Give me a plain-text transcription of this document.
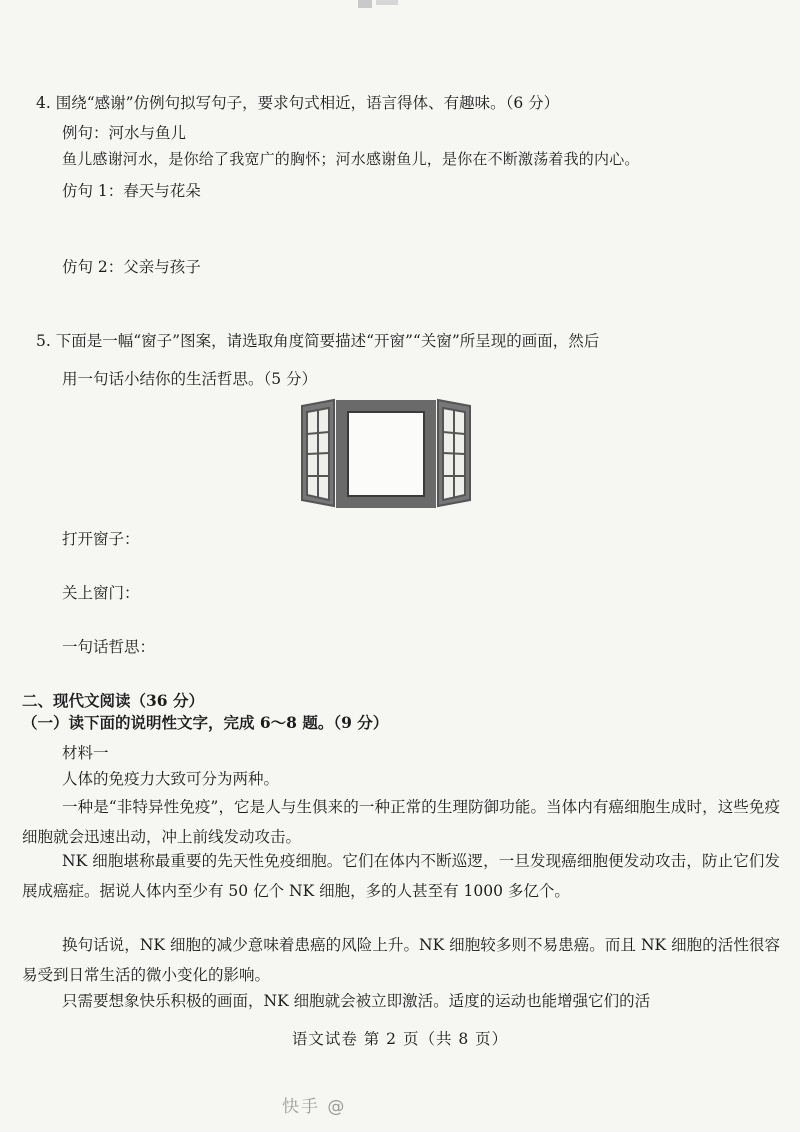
4. 围绕“感谢”仿例句拟写句子，要求句式相近，语言得体、有趣味。（6 分）
例句：河水与鱼儿
鱼儿感谢河水，是你给了我宽广的胸怀；河水感谢鱼儿，是你在不断激荡着我的内心。
仿句 1：春天与花朵
仿句 2：父亲与孩子
5. 下面是一幅“窗子”图案，请选取角度简要描述“开窗”“关窗”所呈现的画面，然后
用一句话小结你的生活哲思。（5 分）
打开窗子：
关上窗门：
一句话哲思：
二、现代文阅读（36 分）
（一）读下面的说明性文字，完成 6～8 题。（9 分）
材料一
人体的免疫力大致可分为两种。
一种是“非特异性免疫”，它是人与生俱来的一种正常的生理防御功能。当体内有癌细胞生成时，这些免疫细胞就会迅速出动，冲上前线发动攻击。
NK 细胞堪称最重要的先天性免疫细胞。它们在体内不断巡逻，一旦发现癌细胞便发动攻击，防止它们发展成癌症。据说人体内至少有 50 亿个 NK 细胞，多的人甚至有 1000 多亿个。
换句话说，NK 细胞的减少意味着患癌的风险上升。NK 细胞较多则不易患癌。而且 NK 细胞的活性很容易受到日常生活的微小变化的影响。
只需要想象快乐积极的画面，NK 细胞就会被立即激活。适度的运动也能增强它们的活
语文试卷 第 2 页（共 8 页）
快手 @
